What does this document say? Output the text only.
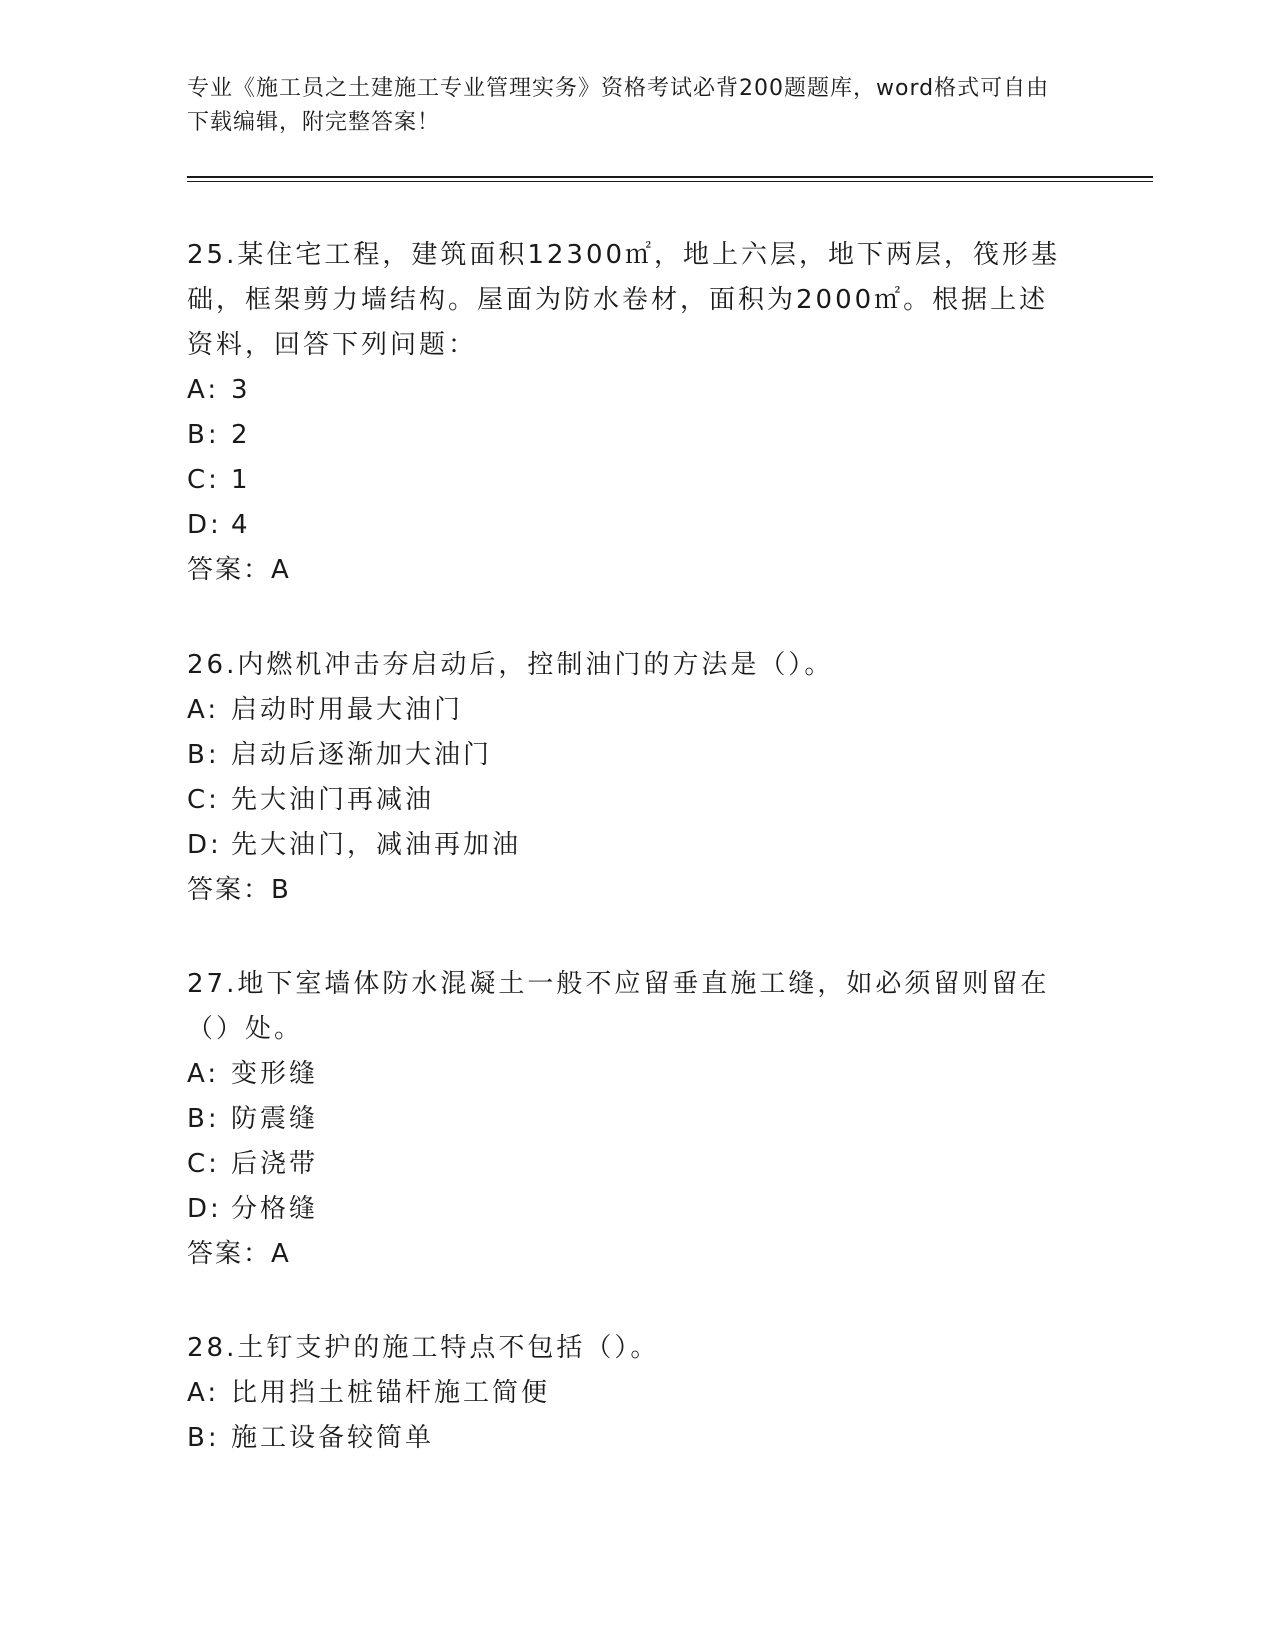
专业《施工员之土建施工专业管理实务》资格考试必背200题题库，word格式可自由下载编辑，附完整答案！

25.某住宅工程，建筑面积12300㎡，地上六层，地下两层，筏形基础，框架剪力墙结构。屋面为防水卷材，面积为2000㎡。根据上述资料，回答下列问题：

A: 3

B: 2

C: 1

D: 4

答案：A

26.内燃机冲击夯启动后，控制油门的方法是（）。

A: 启动时用最大油门

B: 启动后逐渐加大油门

C: 先大油门再减油

D: 先大油门，减油再加油

答案：B

27.地下室墙体防水混凝土一般不应留垂直施工缝，如必须留则留在（）处。

A: 变形缝

B: 防震缝

C: 后浇带

D: 分格缝

答案：A

28.土钉支护的施工特点不包括（）。

A: 比用挡土桩锚杆施工简便

B: 施工设备较简单
